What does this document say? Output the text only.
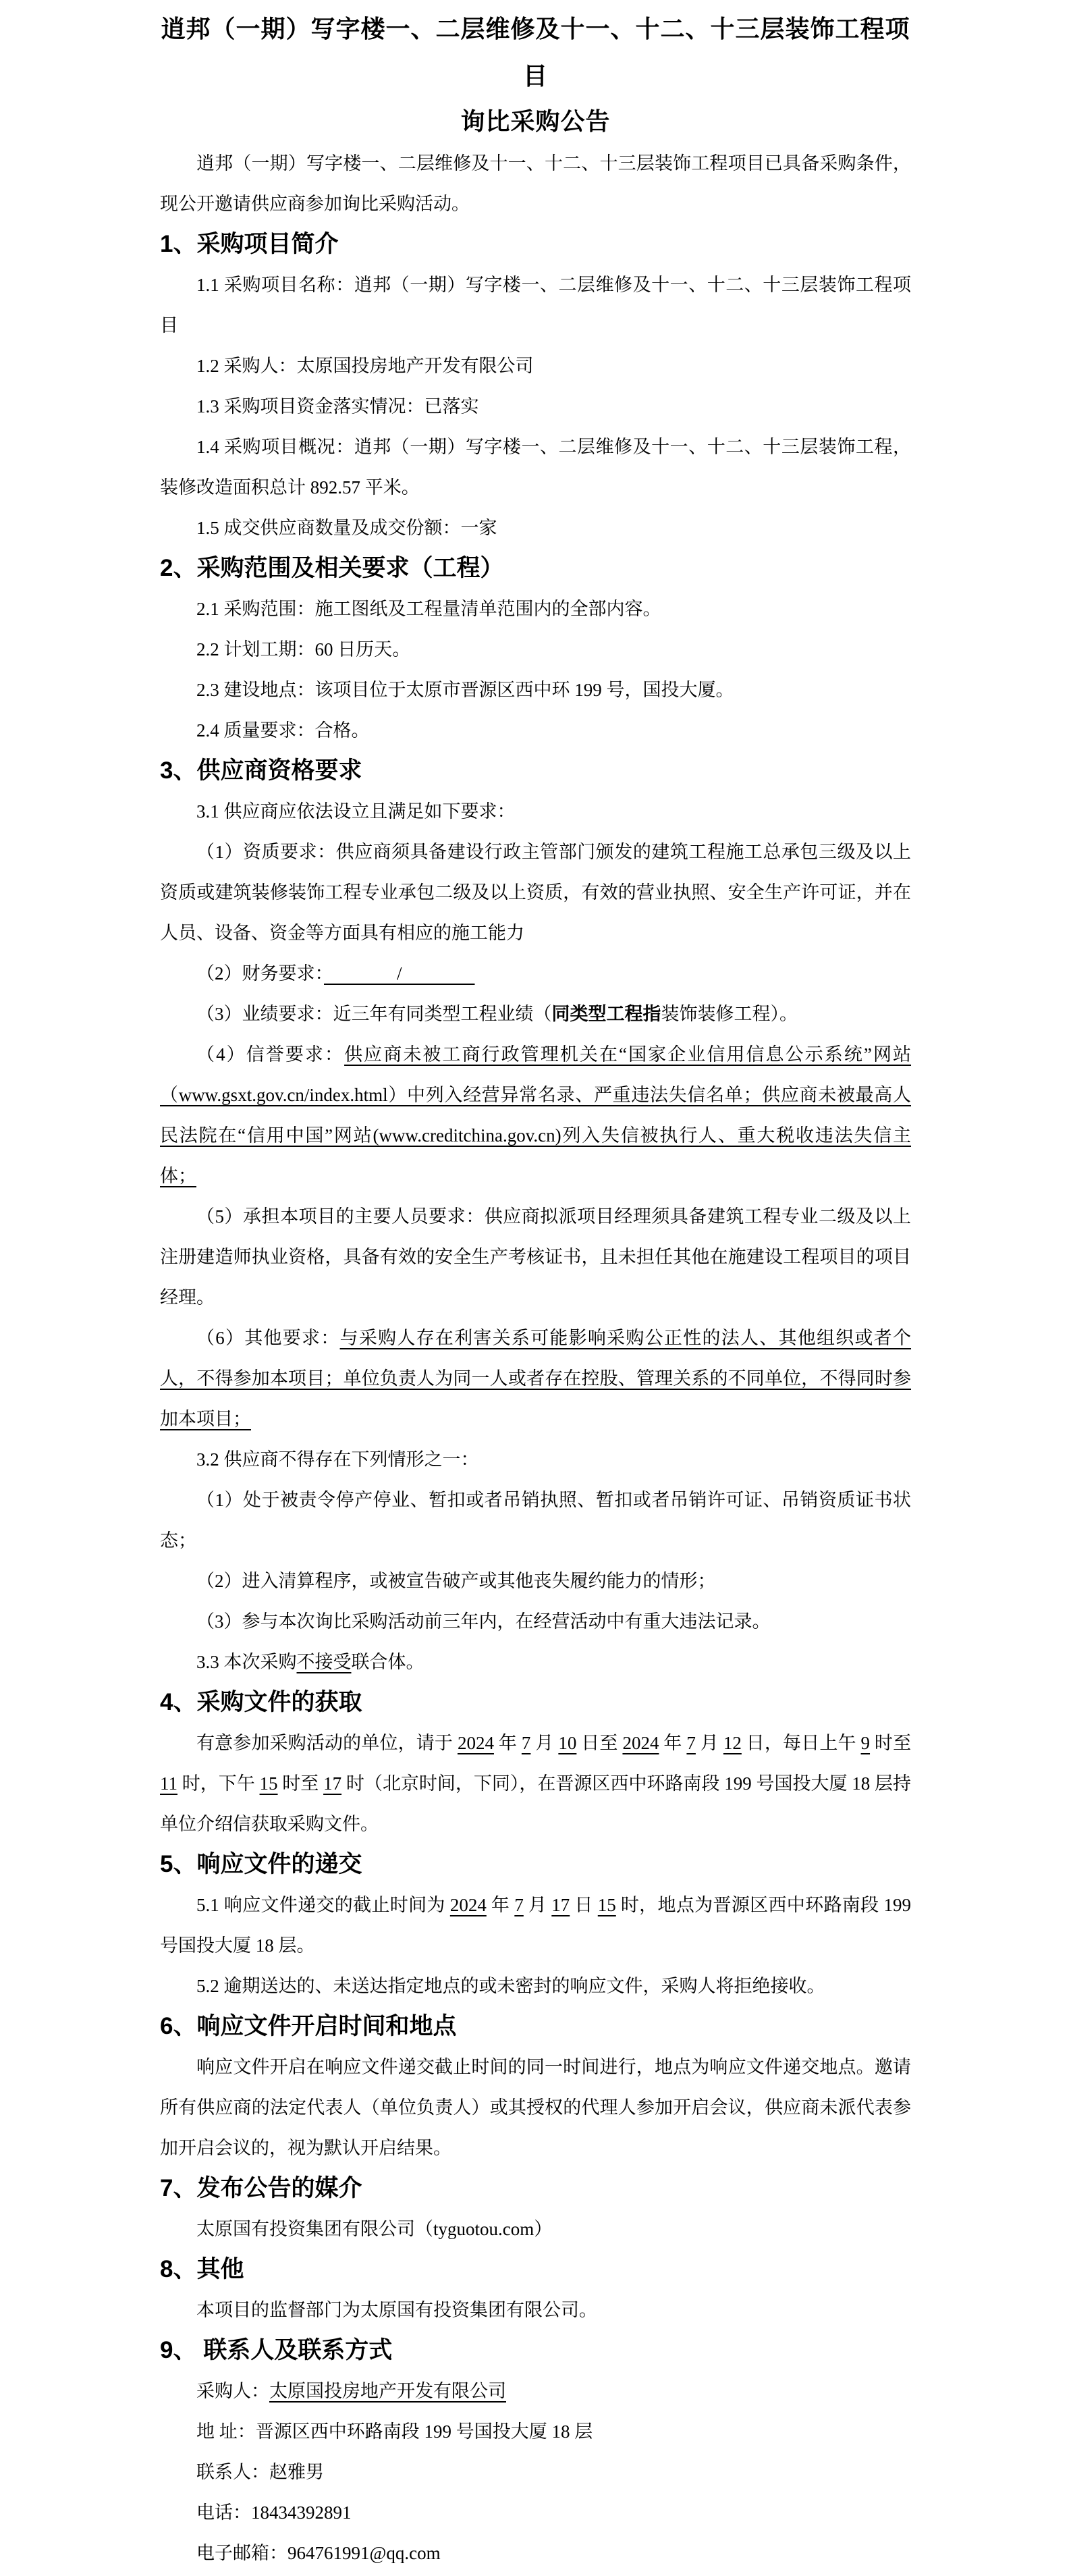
逍邦（一期）写字楼一、二层维修及十一、十二、十三层装饰工程项目
询比采购公告
逍邦（一期）写字楼一、二层维修及十一、十二、十三层装饰工程项目已具备采购条件，现公开邀请供应商参加询比采购活动。
1、采购项目简介
1.1 采购项目名称：逍邦（一期）写字楼一、二层维修及十一、十二、十三层装饰工程项目
1.2 采购人：太原国投房地产开发有限公司
1.3 采购项目资金落实情况：已落实
1.4 采购项目概况：逍邦（一期）写字楼一、二层维修及十一、十二、十三层装饰工程，装修改造面积总计 892.57 平米。
1.5 成交供应商数量及成交份额：一家
2、采购范围及相关要求（工程）
2.1 采购范围：施工图纸及工程量清单范围内的全部内容。
2.2 计划工期：60 日历天。
2.3 建设地点：该项目位于太原市晋源区西中环 199 号，国投大厦。
2.4 质量要求：合格。
3、供应商资格要求
3.1 供应商应依法设立且满足如下要求：
（1）资质要求：供应商须具备建设行政主管部门颁发的建筑工程施工总承包三级及以上资质或建筑装修装饰工程专业承包二级及以上资质，有效的营业执照、安全生产许可证，并在人员、设备、资金等方面具有相应的施工能力
（2）财务要求：　　　　/　　　　
（3）业绩要求：近三年有同类型工程业绩（同类型工程指装饰装修工程）。
（4）信誉要求：供应商未被工商行政管理机关在“国家企业信用信息公示系统”网站（www.gsxt.gov.cn/index.html）中列入经营异常名录、严重违法失信名单；供应商未被最高人民法院在“信用中国”网站(www.creditchina.gov.cn)列入失信被执行人、重大税收违法失信主体；
（5）承担本项目的主要人员要求：供应商拟派项目经理须具备建筑工程专业二级及以上注册建造师执业资格，具备有效的安全生产考核证书，且未担任其他在施建设工程项目的项目经理。
（6）其他要求：与采购人存在利害关系可能影响采购公正性的法人、其他组织或者个人，不得参加本项目；单位负责人为同一人或者存在控股、管理关系的不同单位，不得同时参加本项目；
3.2 供应商不得存在下列情形之一：
（1）处于被责令停产停业、暂扣或者吊销执照、暂扣或者吊销许可证、吊销资质证书状态；
（2）进入清算程序，或被宣告破产或其他丧失履约能力的情形；
（3）参与本次询比采购活动前三年内，在经营活动中有重大违法记录。
3.3 本次采购不接受联合体。
4、采购文件的获取
有意参加采购活动的单位，请于 2024 年 7 月 10 日至 2024 年 7 月 12 日，每日上午 9 时至 11 时，下午 15 时至 17 时（北京时间，下同），在晋源区西中环路南段 199 号国投大厦 18 层持单位介绍信获取采购文件。
5、响应文件的递交
5.1 响应文件递交的截止时间为 2024 年 7 月 17 日 15 时，地点为晋源区西中环路南段 199 号国投大厦 18 层。
5.2 逾期送达的、未送达指定地点的或未密封的响应文件，采购人将拒绝接收。
6、响应文件开启时间和地点
响应文件开启在响应文件递交截止时间的同一时间进行，地点为响应文件递交地点。邀请所有供应商的法定代表人（单位负责人）或其授权的代理人参加开启会议，供应商未派代表参加开启会议的，视为默认开启结果。
7、发布公告的媒介
太原国有投资集团有限公司（tyguotou.com）
8、其他
本项目的监督部门为太原国有投资集团有限公司。
9、 联系人及联系方式
采购人：太原国投房地产开发有限公司
地 址：晋源区西中环路南段 199 号国投大厦 18 层
联系人：赵雅男
电话：18434392891
电子邮箱：964761991@qq.com
